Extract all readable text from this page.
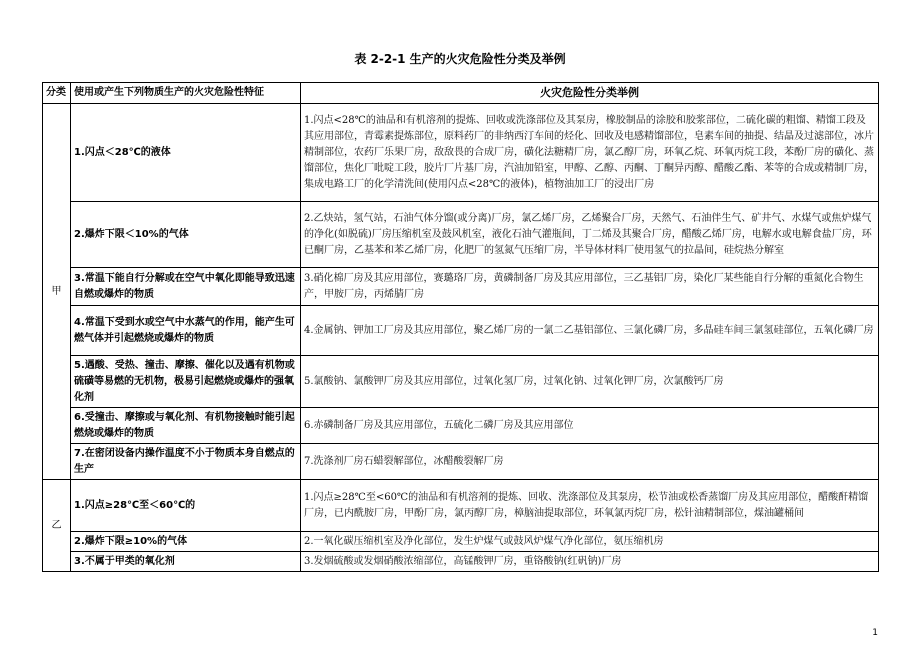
表 2-2-1 生产的火灾危险性分类及举例
分类	使用或产生下列物质生产的火灾危险性特征	火灾危险性分类举例
甲	1.闪点＜28℃的液体	1.闪点<28℃的油品和有机溶剂的提炼、回收或洗涤部位及其泵房，橡胶制品的涂胶和胶浆部位，二硫化碳的粗馏、精馏工段及其应用部位，青霉素提炼部位，原料药厂的非纳西汀车间的烃化、回收及电感精馏部位，皂素车间的抽提、结晶及过滤部位，冰片精制部位，农药厂乐果厂房，敌敌畏的合成厂房，磺化法糖精厂房，氯乙醇厂房，环氧乙烷、环氧丙烷工段，苯酚厂房的磺化、蒸馏部位，焦化厂吡啶工段，胶片厂片基厂房，汽油加铅室，甲醇、乙醇、丙酮、丁酮异丙醇、醋酸乙酯、苯等的合成或精制厂房，集成电路工厂的化学清洗间(使用闪点<28℃的液体)，植物油加工厂的浸出厂房
	2.爆炸下限＜10%的气体	2.乙炔站，氢气站，石油气体分馏(或分离)厂房，氯乙烯厂房，乙烯聚合厂房，天然气、石油伴生气、矿井气、水煤气或焦炉煤气的净化(如脱硫)厂房压缩机室及鼓风机室，液化石油气灌瓶间，丁二烯及其聚合厂房，醋酸乙烯厂房，电解水或电解食盐厂房，环已酮厂房，乙基苯和苯乙烯厂房，化肥厂的氢氮气压缩厂房，半导体材料厂使用氢气的拉晶间，硅烷热分解室
	3.常温下能自行分解或在空气中氧化即能导致迅速自燃或爆炸的物质	3.硝化棉厂房及其应用部位，赛璐珞厂房，黄磷制备厂房及其应用部位，三乙基铝厂房，染化厂某些能自行分解的重氮化合物生产，甲胺厂房，丙烯腈厂房
	4.常温下受到水或空气中水蒸气的作用，能产生可燃气体并引起燃烧或爆炸的物质	4.金属钠、钾加工厂房及其应用部位，聚乙烯厂房的一氯二乙基铝部位、三氯化磷厂房，多晶硅车间三氯氢硅部位，五氧化磷厂房
	5.遇酸、受热、撞击、摩擦、催化以及遇有机物或硫磺等易燃的无机物，极易引起燃烧或爆炸的强氧化剂	5.氯酸钠、氯酸钾厂房及其应用部位，过氧化氢厂房，过氧化钠、过氧化钾厂房，次氯酸钙厂房
	6.受撞击、摩擦或与氧化剂、有机物接触时能引起燃烧或爆炸的物质	6.赤磷制备厂房及其应用部位，五硫化二磷厂房及其应用部位
	7.在密闭设备内操作温度不小于物质本身自燃点的生产	7.洗涤剂厂房石蜡裂解部位，冰醋酸裂解厂房
乙	1.闪点≥28℃至＜60℃的	1.闪点≥28℃至<60℃的油品和有机溶剂的提炼、回收、洗涤部位及其泵房，松节油或松香蒸馏厂房及其应用部位，醋酸酐精馏厂房，已内酰胺厂房，甲酚厂房，氯丙醇厂房，樟脑油提取部位，环氧氯丙烷厂房，松针油精制部位，煤油罐桶间
	2.爆炸下限≥10%的气体	2.一氧化碳压缩机室及净化部位，发生炉煤气或鼓风炉煤气净化部位，氨压缩机房
	3.不属于甲类的氧化剂	3.发烟硫酸或发烟硝酸浓缩部位，高锰酸钾厂房，重铬酸钠(红矾钠)厂房
1
